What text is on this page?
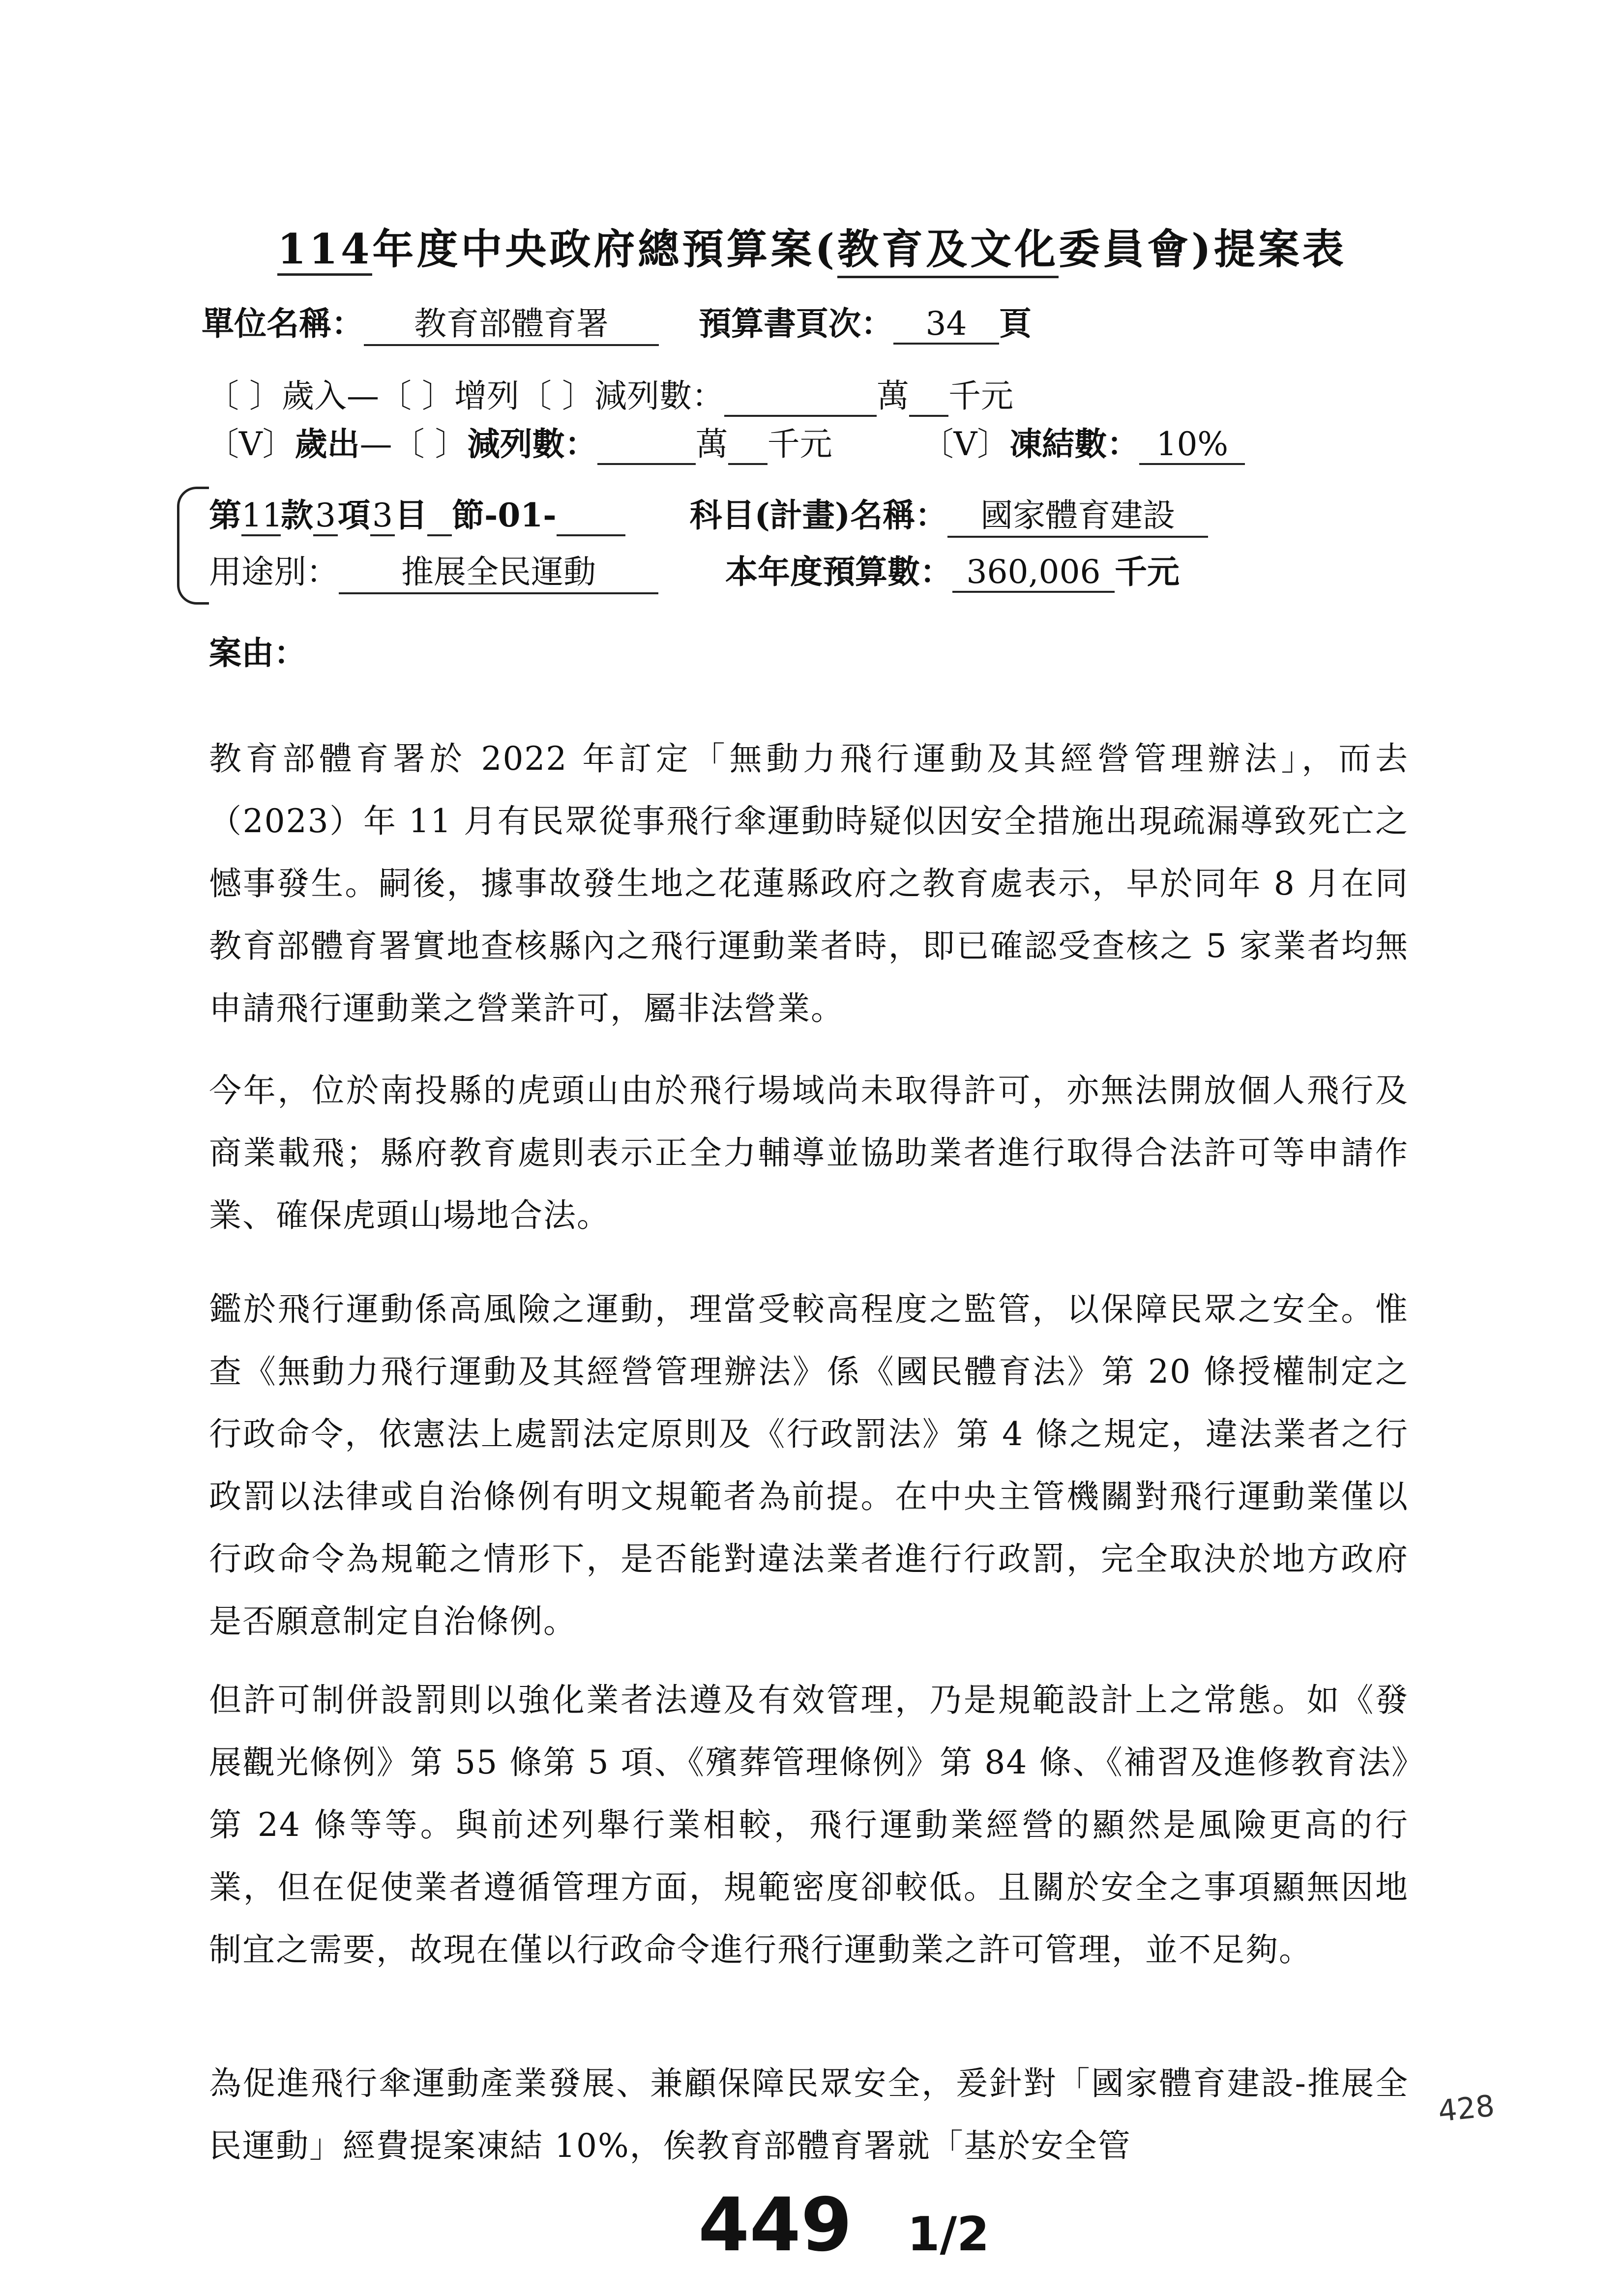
114年度中央政府總預算案(教育及文化委員會)提案表
單位名稱： 教育部體育署	預算書頁次： 34 頁
〔 〕歲入—〔 〕增列〔 〕減列數：	萬 千元
〔V〕歲出—〔 〕減列數：	萬 千元	〔V〕凍結數： 10%
第11款3項3目 節-01-	科目(計畫)名稱： 國家體育建設
用途別： 推展全民運動	本年度預算數： 360,006 千元
案由：
教育部體育署於 2022 年訂定「無動力飛行運動及其經營管理辦法」，而去（2023）年 11 月有民眾從事飛行傘運動時疑似因安全措施出現疏漏導致死亡之憾事發生。嗣後，據事故發生地之花蓮縣政府之教育處表示，早於同年 8 月在同教育部體育署實地查核縣內之飛行運動業者時，即已確認受查核之 5 家業者均無申請飛行運動業之營業許可，屬非法營業。
今年，位於南投縣的虎頭山由於飛行場域尚未取得許可，亦無法開放個人飛行及商業載飛；縣府教育處則表示正全力輔導並協助業者進行取得合法許可等申請作業、確保虎頭山場地合法。
鑑於飛行運動係高風險之運動，理當受較高程度之監管，以保障民眾之安全。惟查《無動力飛行運動及其經營管理辦法》係《國民體育法》第 20 條授權制定之行政命令，依憲法上處罰法定原則及《行政罰法》第 4 條之規定，違法業者之行政罰以法律或自治條例有明文規範者為前提。在中央主管機關對飛行運動業僅以行政命令為規範之情形下，是否能對違法業者進行行政罰，完全取決於地方政府是否願意制定自治條例。
但許可制併設罰則以強化業者法遵及有效管理，乃是規範設計上之常態。如《發展觀光條例》第 55 條第 5 項、《殯葬管理條例》第 84 條、《補習及進修教育法》第 24 條等等。與前述列舉行業相較，飛行運動業經營的顯然是風險更高的行業，但在促使業者遵循管理方面，規範密度卻較低。且關於安全之事項顯無因地制宜之需要，故現在僅以行政命令進行飛行運動業之許可管理，並不足夠。
為促進飛行傘運動產業發展、兼顧保障民眾安全，爰針對「國家體育建設-推展全民運動」經費提案凍結 10%，俟教育部體育署就「基於安全管
428
449 1/2
